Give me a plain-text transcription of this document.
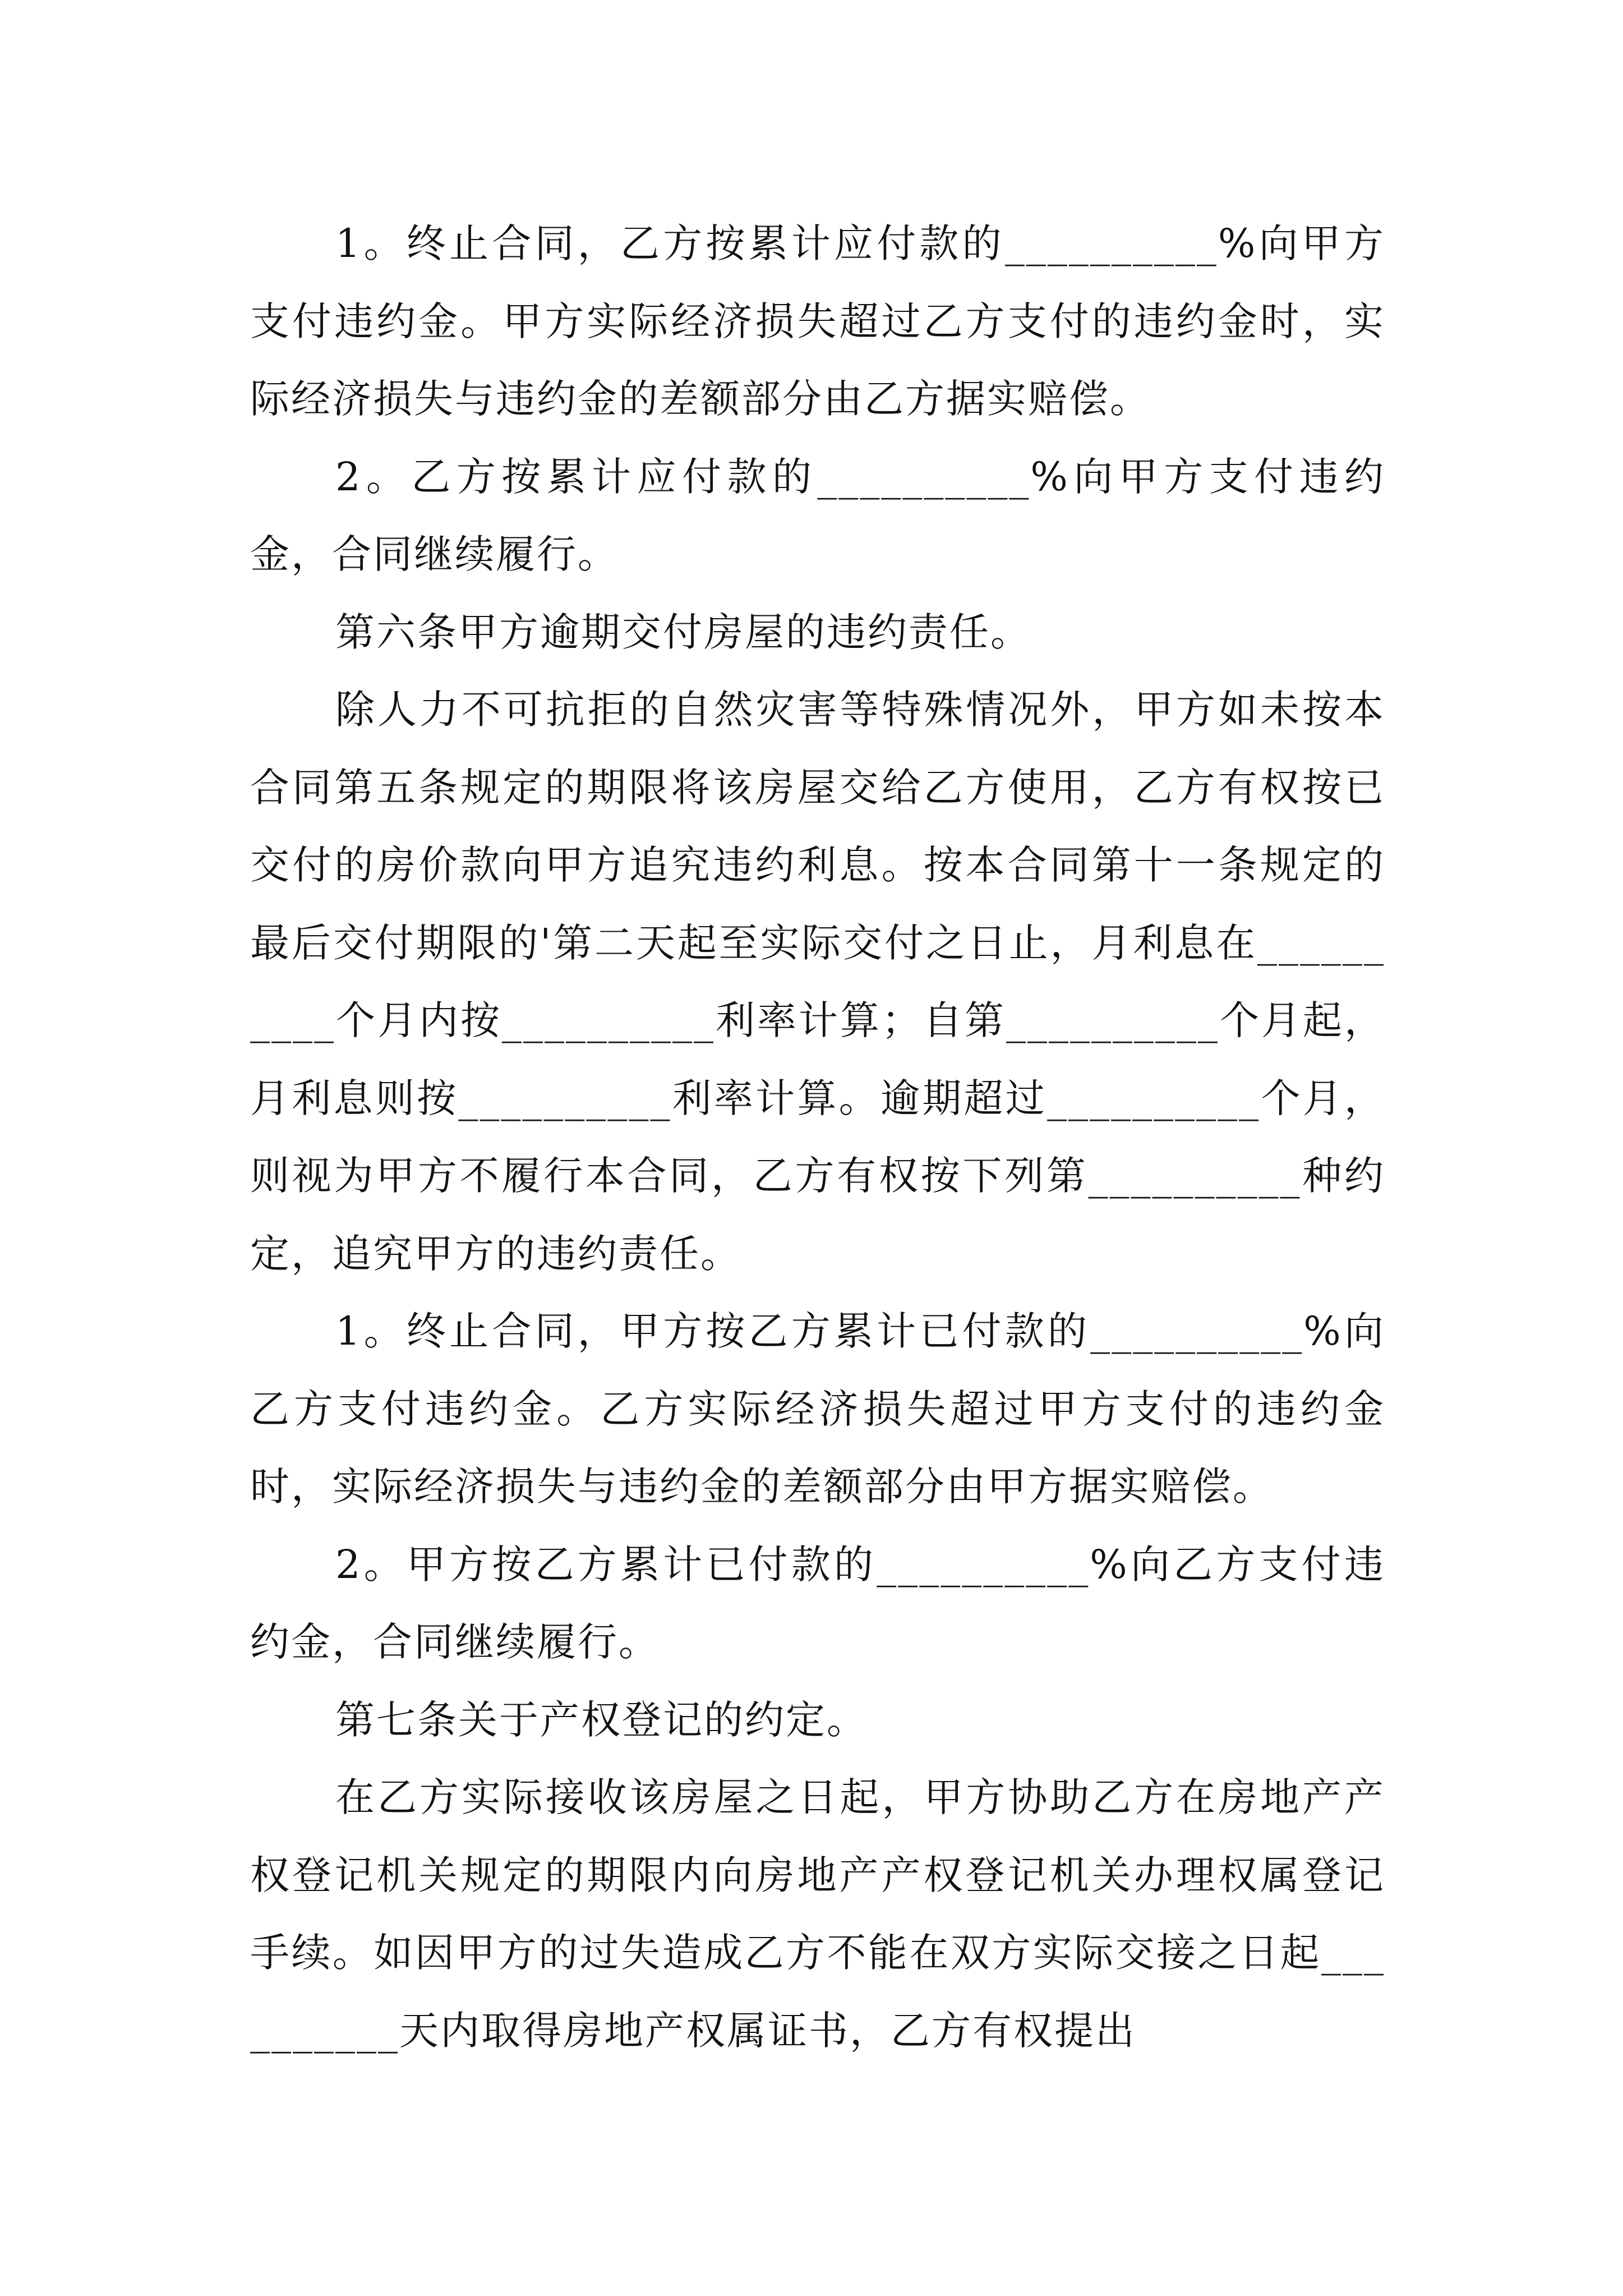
1。终止合同，乙方按累计应付款的__________%向甲方支付违约金。甲方实际经济损失超过乙方支付的违约金时，实际经济损失与违约金的差额部分由乙方据实赔偿。

2。乙方按累计应付款的__________%向甲方支付违约金，合同继续履行。

第六条甲方逾期交付房屋的违约责任。

除人力不可抗拒的自然灾害等特殊情况外，甲方如未按本合同第五条规定的期限将该房屋交给乙方使用，乙方有权按已交付的房价款向甲方追究违约利息。按本合同第十一条规定的最后交付期限的'第二天起至实际交付之日止，月利息在__________个月内按__________利率计算；自第__________个月起，月利息则按__________利率计算。逾期超过__________个月，则视为甲方不履行本合同，乙方有权按下列第__________种约定，追究甲方的违约责任。

1。终止合同，甲方按乙方累计已付款的__________%向乙方支付违约金。乙方实际经济损失超过甲方支付的违约金时，实际经济损失与违约金的差额部分由甲方据实赔偿。

2。甲方按乙方累计已付款的__________%向乙方支付违约金，合同继续履行。

第七条关于产权登记的约定。

在乙方实际接收该房屋之日起，甲方协助乙方在房地产产权登记机关规定的期限内向房地产产权登记机关办理权属登记手续。如因甲方的过失造成乙方不能在双方实际交接之日起__________天内取得房地产权属证书，乙方有权提出
